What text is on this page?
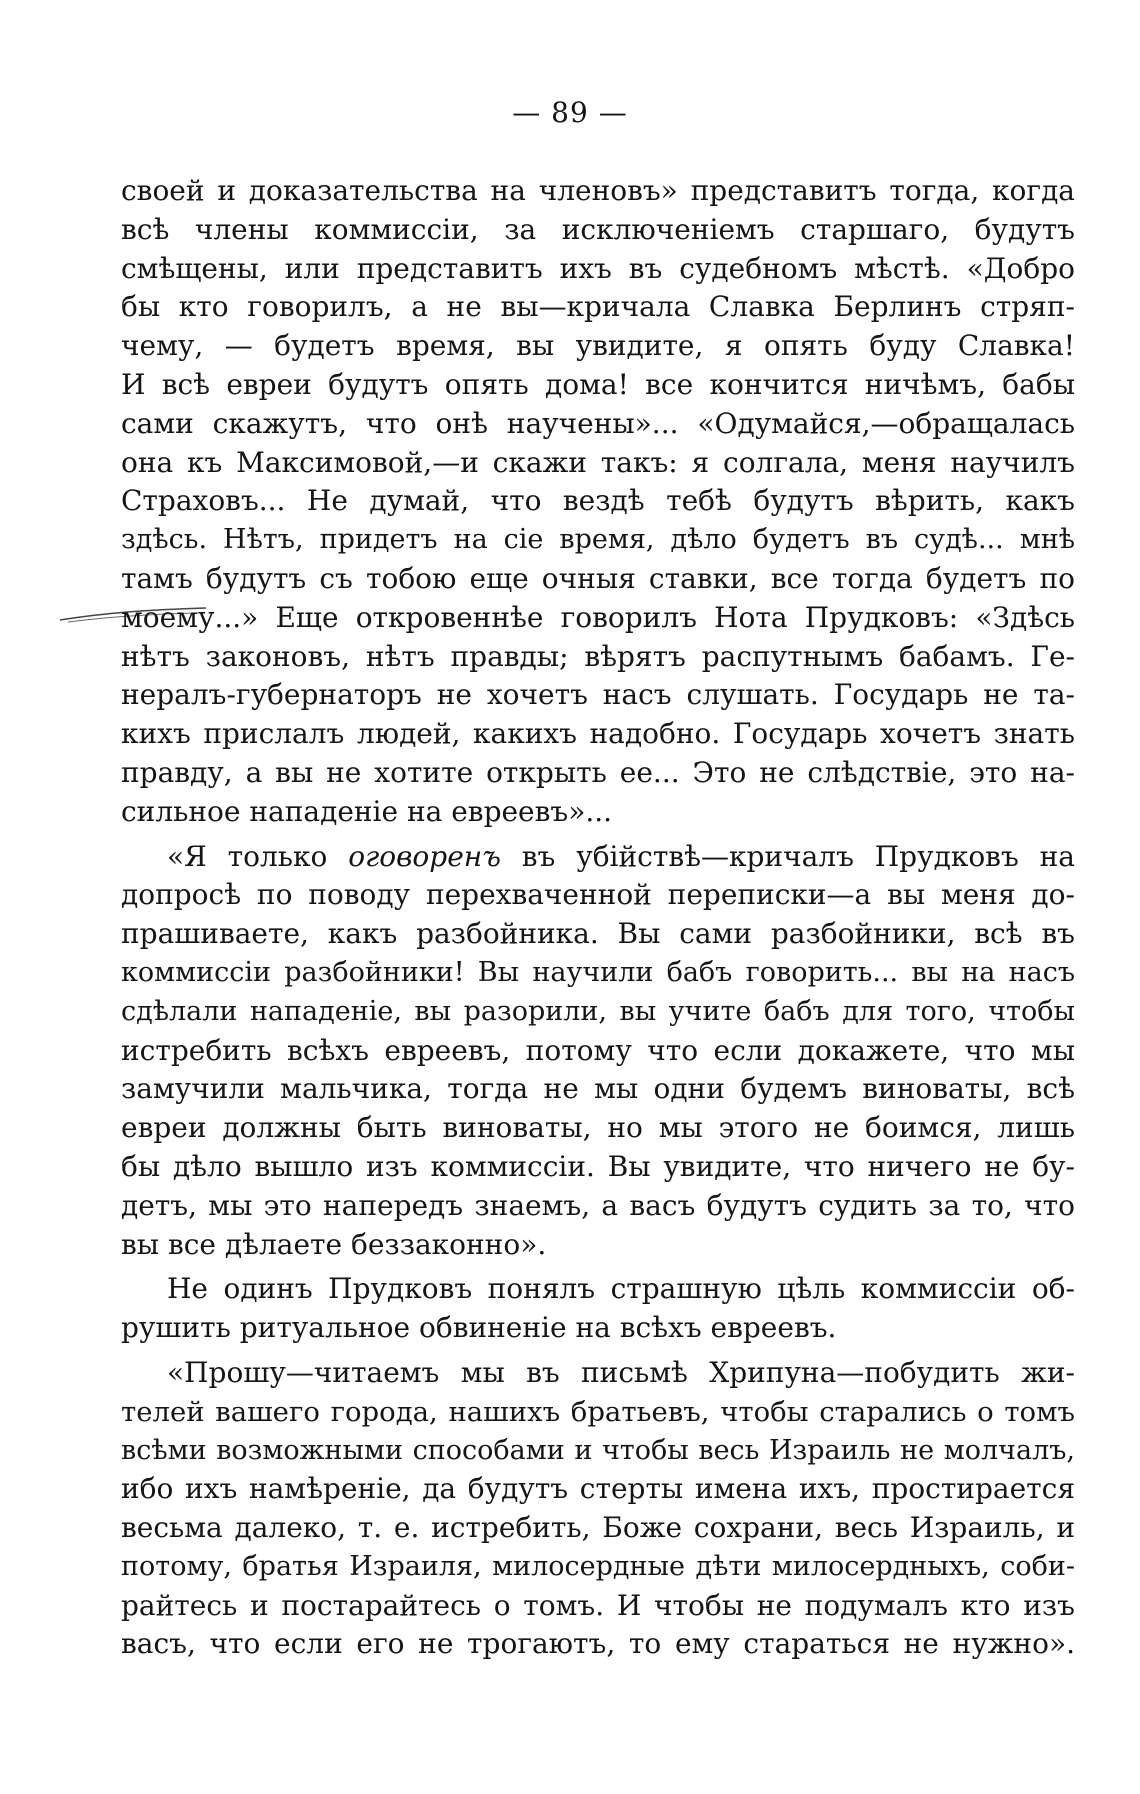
— 89 —
своей и доказательства на членовъ» представитъ тогда, когда
всѣ члены коммиссіи, за исключеніемъ старшаго, будутъ
смѣщены, или представитъ ихъ въ судебномъ мѣстѣ. «Добро
бы кто говорилъ, а не вы—кричала Славка Берлинъ стряп-
чему, — будетъ время, вы увидите, я опять буду Славка!
И всѣ евреи будутъ опять дома! все кончится ничѣмъ, бабы
сами скажутъ, что онѣ научены»... «Одумайся,—обращалась
она къ Максимовой,—и скажи такъ: я солгала, меня научилъ
Страховъ... Не думай, что вездѣ тебѣ будутъ вѣрить, какъ
здѣсь. Нѣтъ, придетъ на сіе время, дѣло будетъ въ судѣ... мнѣ
тамъ будутъ съ тобою еще очныя ставки, все тогда будетъ по
моему...» Еще откровеннѣе говорилъ Нота Прудковъ: «Здѣсь
нѣтъ законовъ, нѣтъ правды; вѣрятъ распутнымъ бабамъ. Ге-
нералъ-губернаторъ не хочетъ насъ слушать. Государь не та-
кихъ прислалъ людей, какихъ надобно. Государь хочетъ знать
правду, а вы не хотите открыть ее... Это не слѣдствіе, это на-
сильное нападеніе на евреевъ»...
«Я только оговоренъ въ убійствѣ—кричалъ Прудковъ на
допросѣ по поводу перехваченной переписки—а вы меня до-
прашиваете, какъ разбойника. Вы сами разбойники, всѣ въ
коммиссіи разбойники! Вы научили бабъ говорить... вы на насъ
сдѣлали нападеніе, вы разорили, вы учите бабъ для того, чтобы
истребить всѣхъ евреевъ, потому что если докажете, что мы
замучили мальчика, тогда не мы одни будемъ виноваты, всѣ
евреи должны быть виноваты, но мы этого не боимся, лишь
бы дѣло вышло изъ коммиссіи. Вы увидите, что ничего не бу-
детъ, мы это напередъ знаемъ, а васъ будутъ судить за то, что
вы все дѣлаете беззаконно».
Не одинъ Прудковъ понялъ страшную цѣль коммиссіи об-
рушить ритуальное обвиненіе на всѣхъ евреевъ.
«Прошу—читаемъ мы въ письмѣ Хрипуна—побудить жи-
телей вашего города, нашихъ братьевъ, чтобы старались о томъ
всѣми возможными способами и чтобы весь Израиль не молчалъ,
ибо ихъ намѣреніе, да будутъ стерты имена ихъ, простирается
весьма далеко, т. е. истребить, Боже сохрани, весь Израиль, и
потому, братья Израиля, милосердные дѣти милосердныхъ, соби-
райтесь и постарайтесь о томъ. И чтобы не подумалъ кто изъ
васъ, что если его не трогаютъ, то ему стараться не нужно».
